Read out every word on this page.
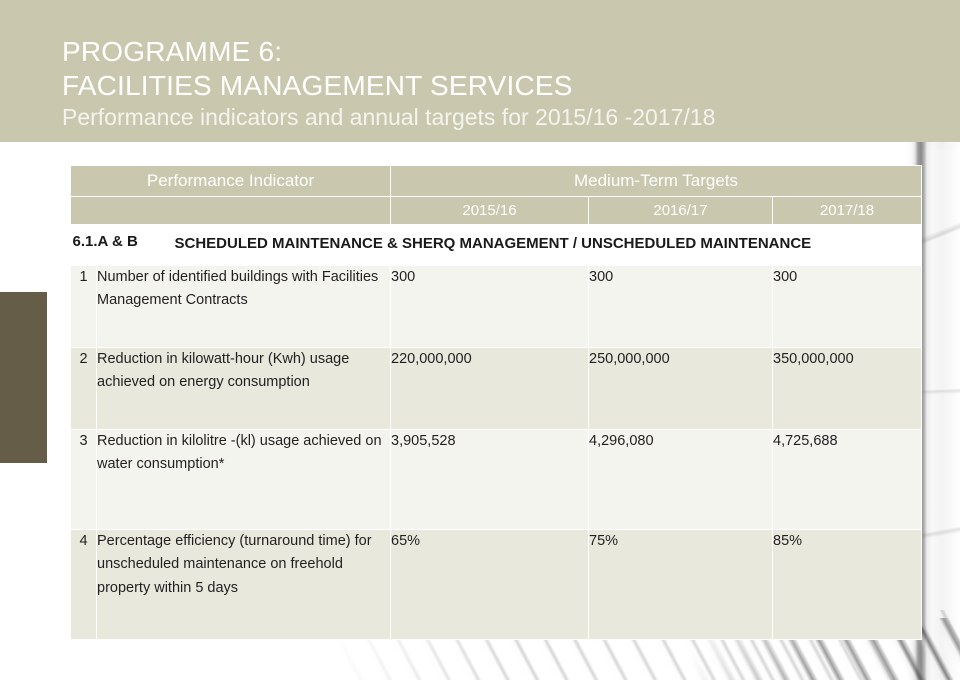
PROGRAMME 6:
FACILITIES MANAGEMENT SERVICES
Performance indicators and annual targets for 2015/16 -2017/18
Performance Indicator		Medium-Term Targets		
		2015/16	2016/17	2017/18

6.1.A & B		SCHEDULED MAINTENANCE & SHERQ MANAGEMENT / UNSCHEDULED MAINTENANCE		

1	Number of identified buildings with Facilities Management Contracts	300	300	300
2	Reduction in kilowatt-hour (Kwh) usage achieved on energy consumption	220,000,000	250,000,000	350,000,000
3	Reduction in kilolitre -(kl) usage achieved on water consumption*	3,905,528	4,296,080	4,725,688
4	Percentage efficiency (turnaround time) for unscheduled maintenance on freehold property within 5 days	65%	75%	85%
